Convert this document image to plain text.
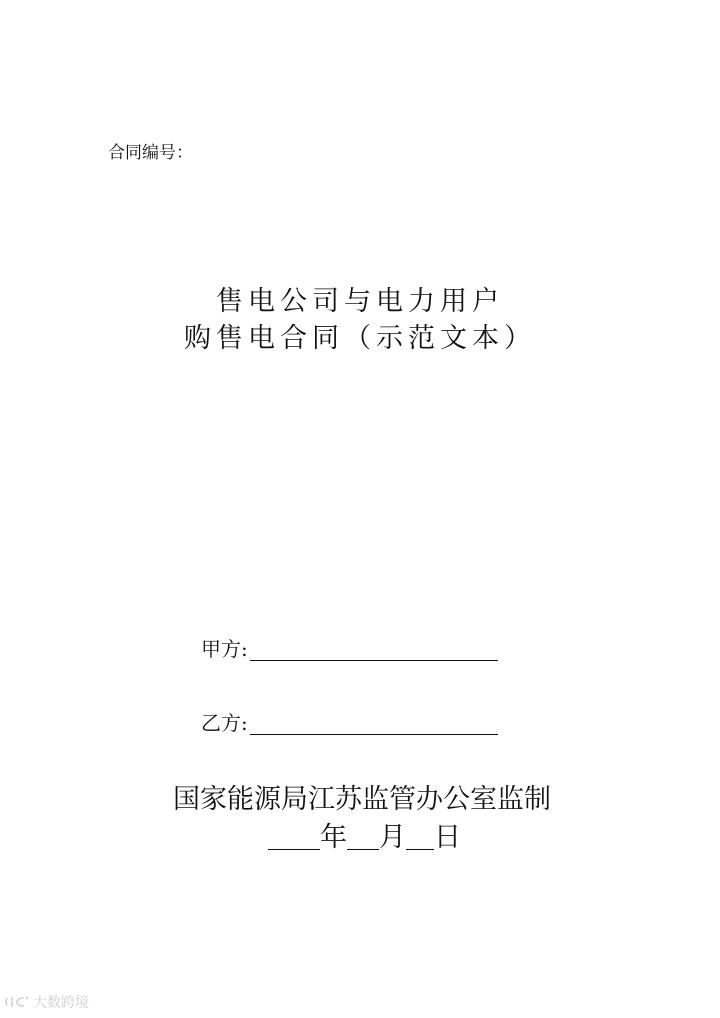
合同编号：
售电公司与电力用户
购售电合同（示范文本）
甲方:
乙方:
国家能源局江苏监管办公室监制
年 月 日
大数跨境
